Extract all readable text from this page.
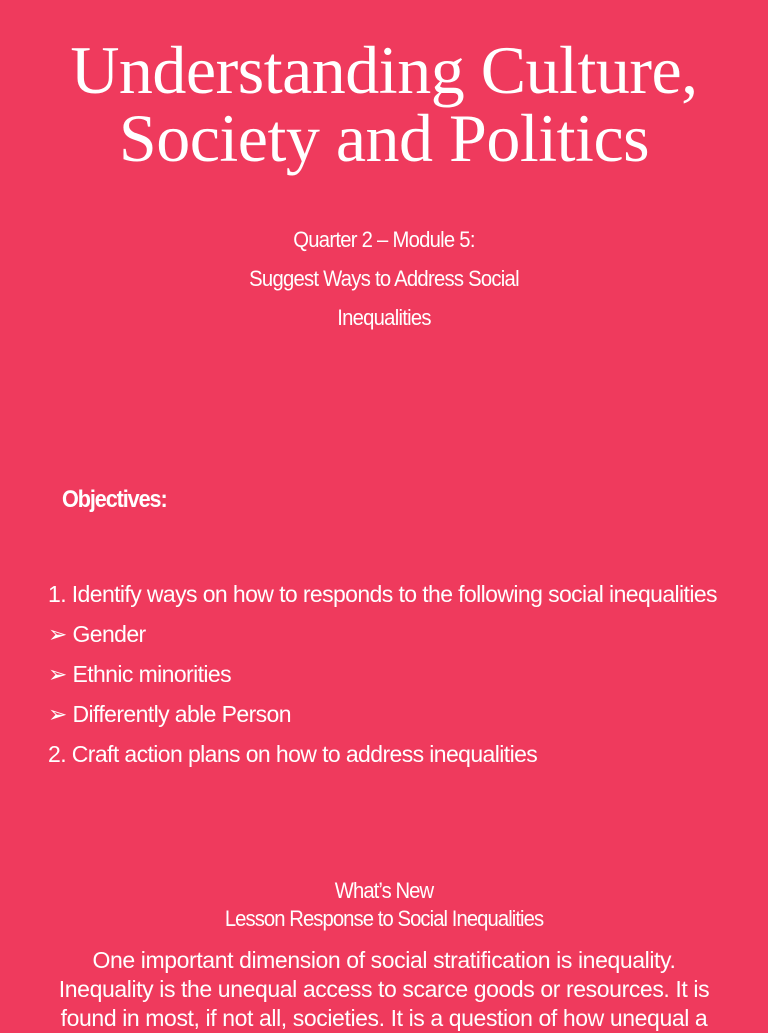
Understanding Culture,
Society and Politics
Quarter 2 – Module 5:
Suggest Ways to Address Social
Inequalities
Objectives:
1. Identify ways on how to responds to the following social inequalities
➢ Gender
➢ Ethnic minorities
➢ Differently able Person
2. Craft action plans on how to address inequalities
What’s New
Lesson Response to Social Inequalities
One important dimension of social stratification is inequality.
Inequality is the unequal access to scarce goods or resources. It is
found in most, if not all, societies. It is a question of how unequal a
